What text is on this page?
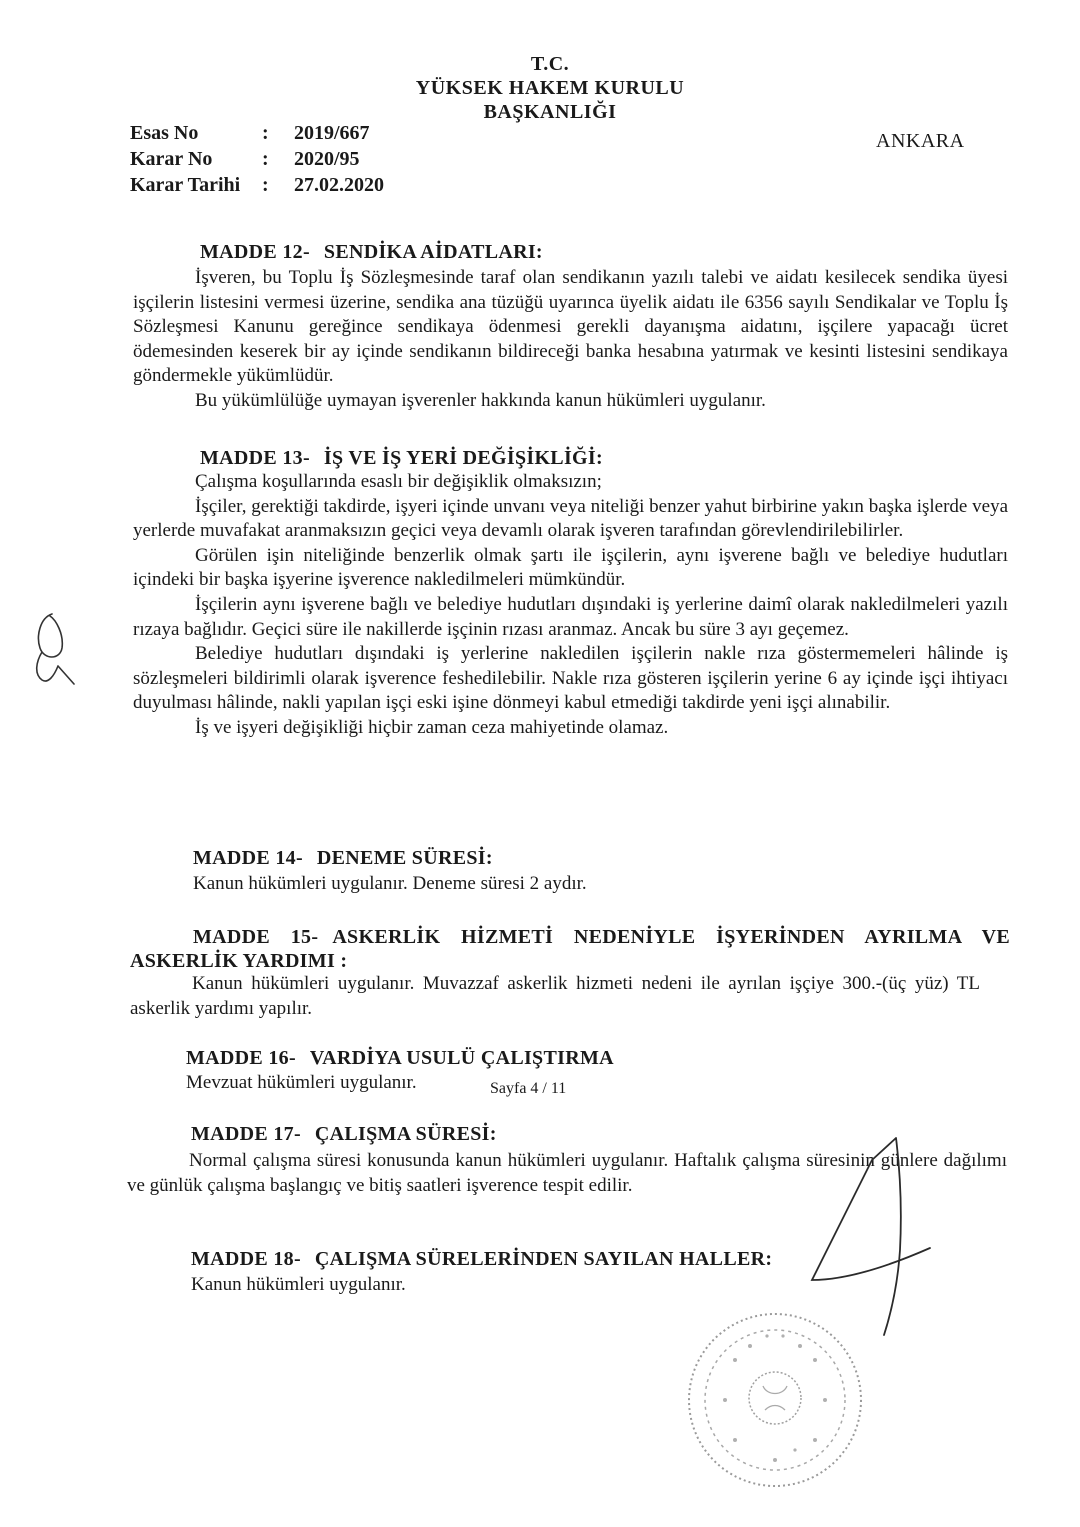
T.C.
YÜKSEK HAKEM KURULU
BAŞKANLIĞI
Esas No	:	2019/667
Karar No	:	2020/95
Karar Tarihi	:	27.02.2020
ANKARA
MADDE 12- SENDİKA AİDATLARI:

İşveren, bu Toplu İş Sözleşmesinde taraf olan sendikanın yazılı talebi ve aidatı kesilecek sendika üyesi işçilerin listesini vermesi üzerine, sendika ana tüzüğü uyarınca üyelik aidatı ile 6356 sayılı Sendikalar ve Toplu İş Sözleşmesi Kanunu gereğince sendikaya ödenmesi gerekli dayanışma aidatını, işçilere yapacağı ücret ödemesinden keserek bir ay içinde sendikanın bildireceği banka hesabına yatırmak ve kesinti listesini sendikaya göndermekle yükümlüdür.

Bu yükümlülüğe uymayan işverenler hakkında kanun hükümleri uygulanır.

MADDE 13- İŞ VE İŞ YERİ DEĞİŞİKLİĞİ:

Çalışma koşullarında esaslı bir değişiklik olmaksızın;

İşçiler, gerektiği takdirde, işyeri içinde unvanı veya niteliği benzer yahut birbirine yakın başka işlerde veya yerlerde muvafakat aranmaksızın geçici veya devamlı olarak işveren tarafından görevlendirilebilirler.

Görülen işin niteliğinde benzerlik olmak şartı ile işçilerin, aynı işverene bağlı ve belediye hudutları içindeki bir başka işyerine işverence nakledilmeleri mümkündür.

İşçilerin aynı işverene bağlı ve belediye hudutları dışındaki iş yerlerine daimî olarak nakledilmeleri yazılı rızaya bağlıdır. Geçici süre ile nakillerde işçinin rızası aranmaz. Ancak bu süre 3 ayı geçemez.

Belediye hudutları dışındaki iş yerlerine nakledilen işçilerin nakle rıza göstermemeleri hâlinde iş sözleşmeleri bildirimli olarak işverence feshedilebilir. Nakle rıza gösteren işçilerin yerine 6 ay içinde işçi ihtiyacı duyulması hâlinde, nakli yapılan işçi eski işine dönmeyi kabul etmediği takdirde yeni işçi alınabilir.

İş ve işyeri değişikliği hiçbir zaman ceza mahiyetinde olamaz.

MADDE 14- DENEME SÜRESİ:

Kanun hükümleri uygulanır. Deneme süresi 2 aydır.

MADDE 15- ASKERLİK HİZMETİ NEDENİYLE İŞYERİNDEN AYRILMA VE ASKERLİK YARDIMI :

Kanun hükümleri uygulanır. Muvazzaf askerlik hizmeti nedeni ile ayrılan işçiye 300.-(üç yüz) TL askerlik yardımı yapılır.

MADDE 16- VARDİYA USULÜ ÇALIŞTIRMA

Mevzuat hükümleri uygulanır.

MADDE 17- ÇALIŞMA SÜRESİ:

Normal çalışma süresi konusunda kanun hükümleri uygulanır. Haftalık çalışma süresinin günlere dağılımı ve günlük çalışma başlangıç ve bitiş saatleri işverence tespit edilir.

MADDE 18- ÇALIŞMA SÜRELERİNDEN SAYILAN HALLER:

Kanun hükümleri uygulanır.

Sayfa 4 / 11
